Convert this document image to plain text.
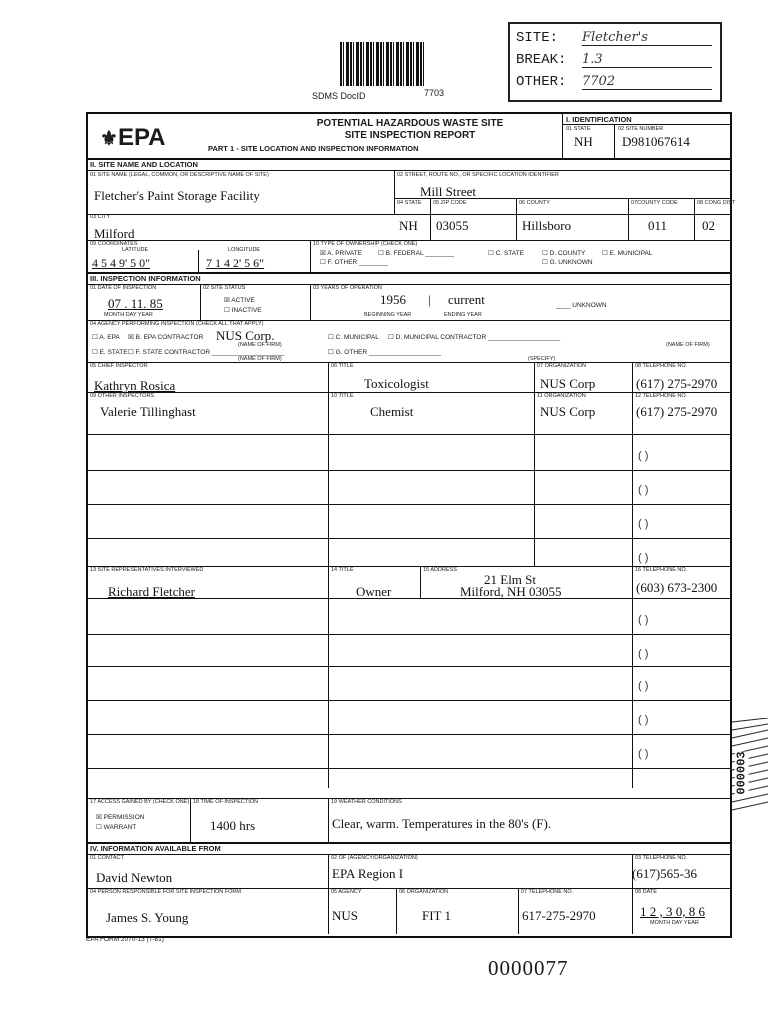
SDMS DocID	7703
SITE: Fletcher's
BREAK: 1.3
OTHER: 7702
⚜EPA
POTENTIAL HAZARDOUS WASTE SITE
SITE INSPECTION REPORT
PART 1 - SITE LOCATION AND INSPECTION INFORMATION
I. IDENTIFICATION
01 STATE	02 SITE NUMBER
NH D981067614
II. SITE NAME AND LOCATION
01 SITE NAME (LEGAL, COMMON, OR DESCRIPTIVE NAME OF SITE)
Fletcher's Paint Storage Facility
02 STREET, ROUTE NO., OR SPECIFIC LOCATION IDENTIFIER
Mill Street
03 CITY
Milford
04 STATE 05 ZIP CODE	06 COUNTY	07COUNTY CODE	08 CONG DIST
NH 03055	Hillsboro	011	02
09 COORDINATES
LATITUDE	LONGITUDE
4 5 4 9' 5 0"	7 1 4 2' 5 6"
10 TYPE OF OWNERSHIP (CHECK ONE)
☒ A. PRIVATE ☐ B. FEDERAL ________	☐ C. STATE	☐ D. COUNTY	☐ E. MUNICIPAL
☐ F. OTHER ________	☐ G. UNKNOWN
III. INSPECTION INFORMATION
01 DATE OF INSPECTION
07 . 11. 85
MONTH DAY YEAR
02 SITE STATUS
☒ ACTIVE
☐ INACTIVE
03 YEARS OF OPERATION
1956 | current
BEGINNING YEAR	ENDING YEAR
____ UNKNOWN
04 AGENCY PERFORMING INSPECTION (CHECK ALL THAT APPLY)
☐ A. EPA ☒ B. EPA CONTRACTOR NUS Corp.	☐ C. MUNICIPAL ☐ D. MUNICIPAL CONTRACTOR ____________________
(NAME OF FIRM)	(NAME OF FIRM)
☐ E. STATE ☐ F. STATE CONTRACTOR ____________________	☐ G. OTHER ____________________
(NAME OF FIRM)	(SPECIFY)
05 CHIEF INSPECTOR	06 TITLE	07 ORGANIZATION	08 TELEPHONE NO.
Kathryn Rosica	Toxicologist	NUS Corp	(617) 275-2970
09 OTHER INSPECTORS	10 TITLE	11 ORGANIZATION	12 TELEPHONE NO.
Valerie Tillinghast	Chemist	NUS Corp	(617) 275-2970
( )
( )
( )
( )
13 SITE REPRESENTATIVES INTERVIEWED	14 TITLE	15 ADDRESS	16 TELEPHONE NO.
Richard Fletcher	Owner
21 Elm St
Milford, NH 03055	(603) 673-2300
( )
( )
( )
( )
( )
17 ACCESS GAINED BY (CHECK ONE)
☒ PERMISSION
☐ WARRANT
18 TIME OF INSPECTION
1400 hrs
19 WEATHER CONDITIONS
Clear, warm. Temperatures in the 80's (F).
IV. INFORMATION AVAILABLE FROM
01 CONTACT	02 OF (AGENCY/ORGANIZATION)	03 TELEPHONE NO.
David Newton	EPA Region I	(617)565-36
04 PERSON RESPONSIBLE FOR SITE INSPECTION FORM	05 AGENCY	06 ORGANIZATION	07 TELEPHONE NO.	08 DATE
James S. Young	NUS	FIT 1	617-275-2970	1 2 , 3 0, 8 6
MONTH DAY YEAR
EPA FORM 2070-13 (7-81)
0000077
000003
